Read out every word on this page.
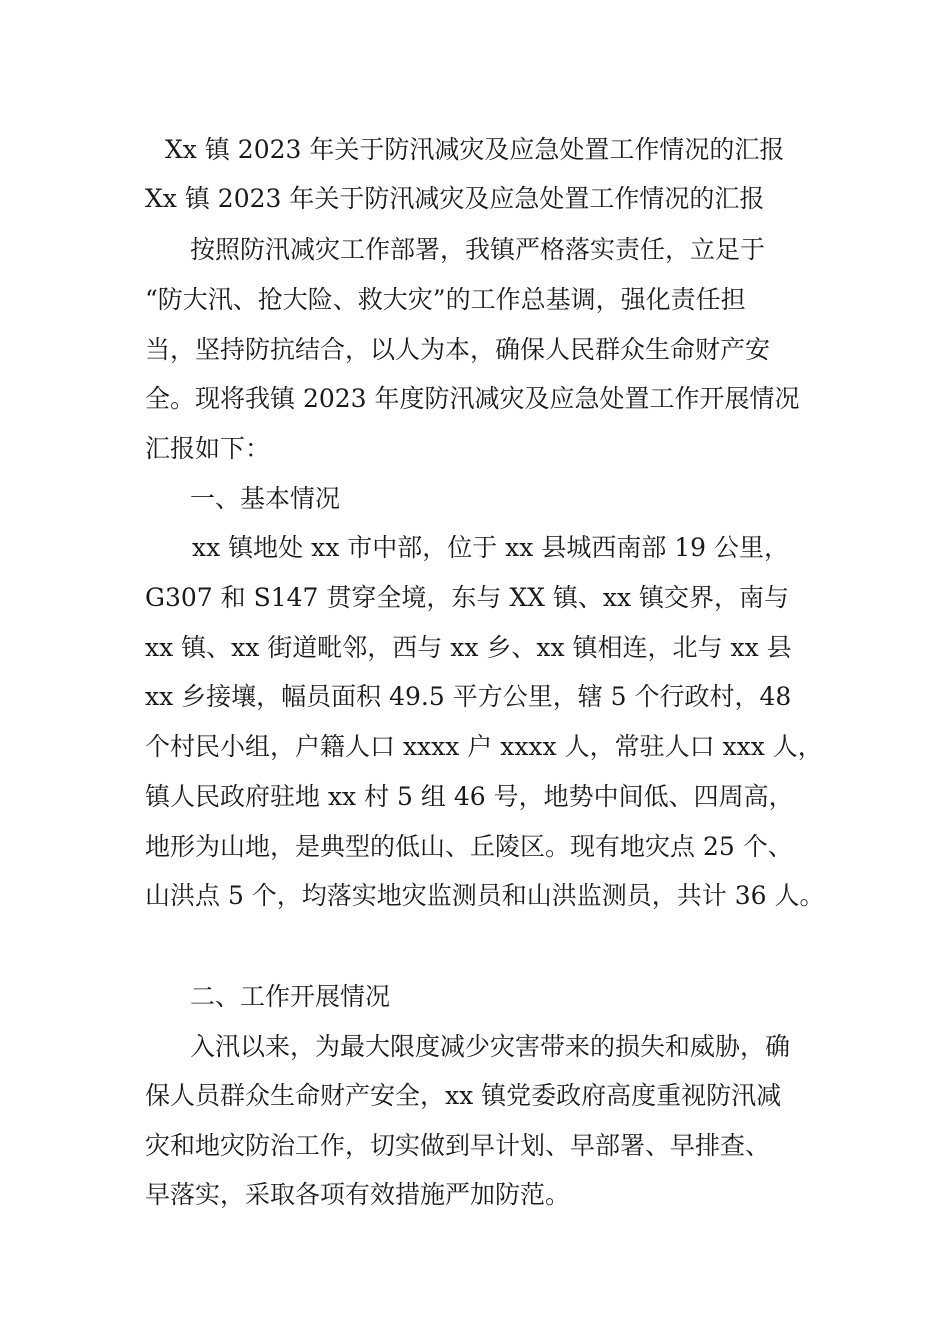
Xx 镇 2023 年关于防汛减灾及应急处置工作情况的汇报
Xx 镇 2023 年关于防汛减灾及应急处置工作情况的汇报
按照防汛减灾工作部署，我镇严格落实责任，立足于
“防大汛、抢大险、救大灾”的工作总基调，强化责任担
当，坚持防抗结合，以人为本，确保人民群众生命财产安
全。现将我镇 2023 年度防汛减灾及应急处置工作开展情况
汇报如下：
一、基本情况
xx 镇地处 xx 市中部，位于 xx 县城西南部 19 公里，
G307 和 S147 贯穿全境，东与 XX 镇、xx 镇交界，南与
xx 镇、xx 街道毗邻，西与 xx 乡、xx 镇相连，北与 xx 县
xx 乡接壤，幅员面积 49.5 平方公里，辖 5 个行政村，48
个村民小组，户籍人口 xxxx 户 xxxx 人，常驻人口 xxx 人，
镇人民政府驻地 xx 村 5 组 46 号，地势中间低、四周高，
地形为山地，是典型的低山、丘陵区。现有地灾点 25 个、
山洪点 5 个，均落实地灾监测员和山洪监测员，共计 36 人。
二、工作开展情况
入汛以来，为最大限度减少灾害带来的损失和威胁，确
保人员群众生命财产安全，xx 镇党委政府高度重视防汛减
灾和地灾防治工作，切实做到早计划、早部署、早排查、
早落实，采取各项有效措施严加防范。
